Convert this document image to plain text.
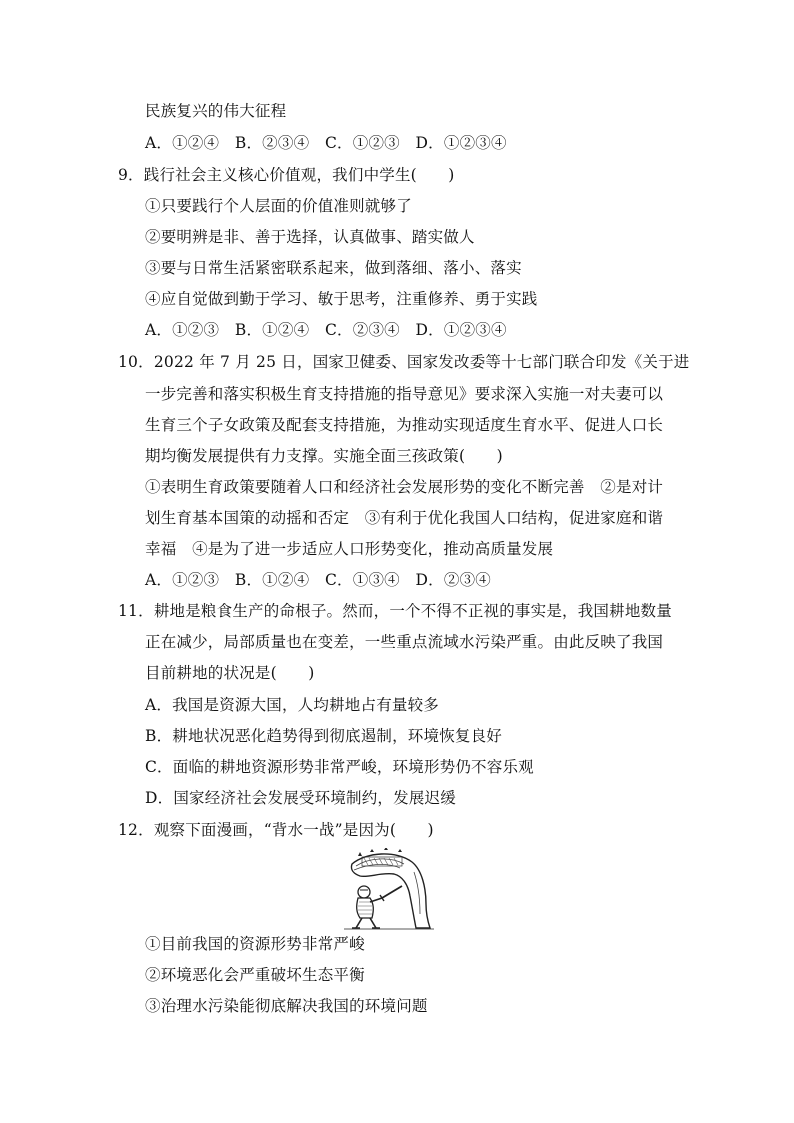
民族复兴的伟大征程
A．①②④　B．②③④　C．①②③　D．①②③④
9．践行社会主义核心价值观，我们中学生(　　)
①只要践行个人层面的价值准则就够了
②要明辨是非、善于选择，认真做事、踏实做人
③要与日常生活紧密联系起来，做到落细、落小、落实
④应自觉做到勤于学习、敏于思考，注重修养、勇于实践
A．①②③　B．①②④　C．②③④　D．①②③④
10．2022 年 7 月 25 日，国家卫健委、国家发改委等十七部门联合印发《关于进
一步完善和落实积极生育支持措施的指导意见》要求深入实施一对夫妻可以
生育三个子女政策及配套支持措施，为推动实现适度生育水平、促进人口长
期均衡发展提供有力支撑。实施全面三孩政策(　　)
①表明生育政策要随着人口和经济社会发展形势的变化不断完善　②是对计
划生育基本国策的动摇和否定　③有利于优化我国人口结构，促进家庭和谐
幸福　④是为了进一步适应人口形势变化，推动高质量发展
A．①②③　B．①②④　C．①③④　D．②③④
11．耕地是粮食生产的命根子。然而，一个不得不正视的事实是，我国耕地数量
正在减少，局部质量也在变差，一些重点流域水污染严重。由此反映了我国
目前耕地的状况是(　　)
A．我国是资源大国，人均耕地占有量较多
B．耕地状况恶化趋势得到彻底遏制，环境恢复良好
C．面临的耕地资源形势非常严峻，环境形势仍不容乐观
D．国家经济社会发展受环境制约，发展迟缓
12．观察下面漫画，“背水一战”是因为(　　)
①目前我国的资源形势非常严峻
②环境恶化会严重破坏生态平衡
③治理水污染能彻底解决我国的环境问题
